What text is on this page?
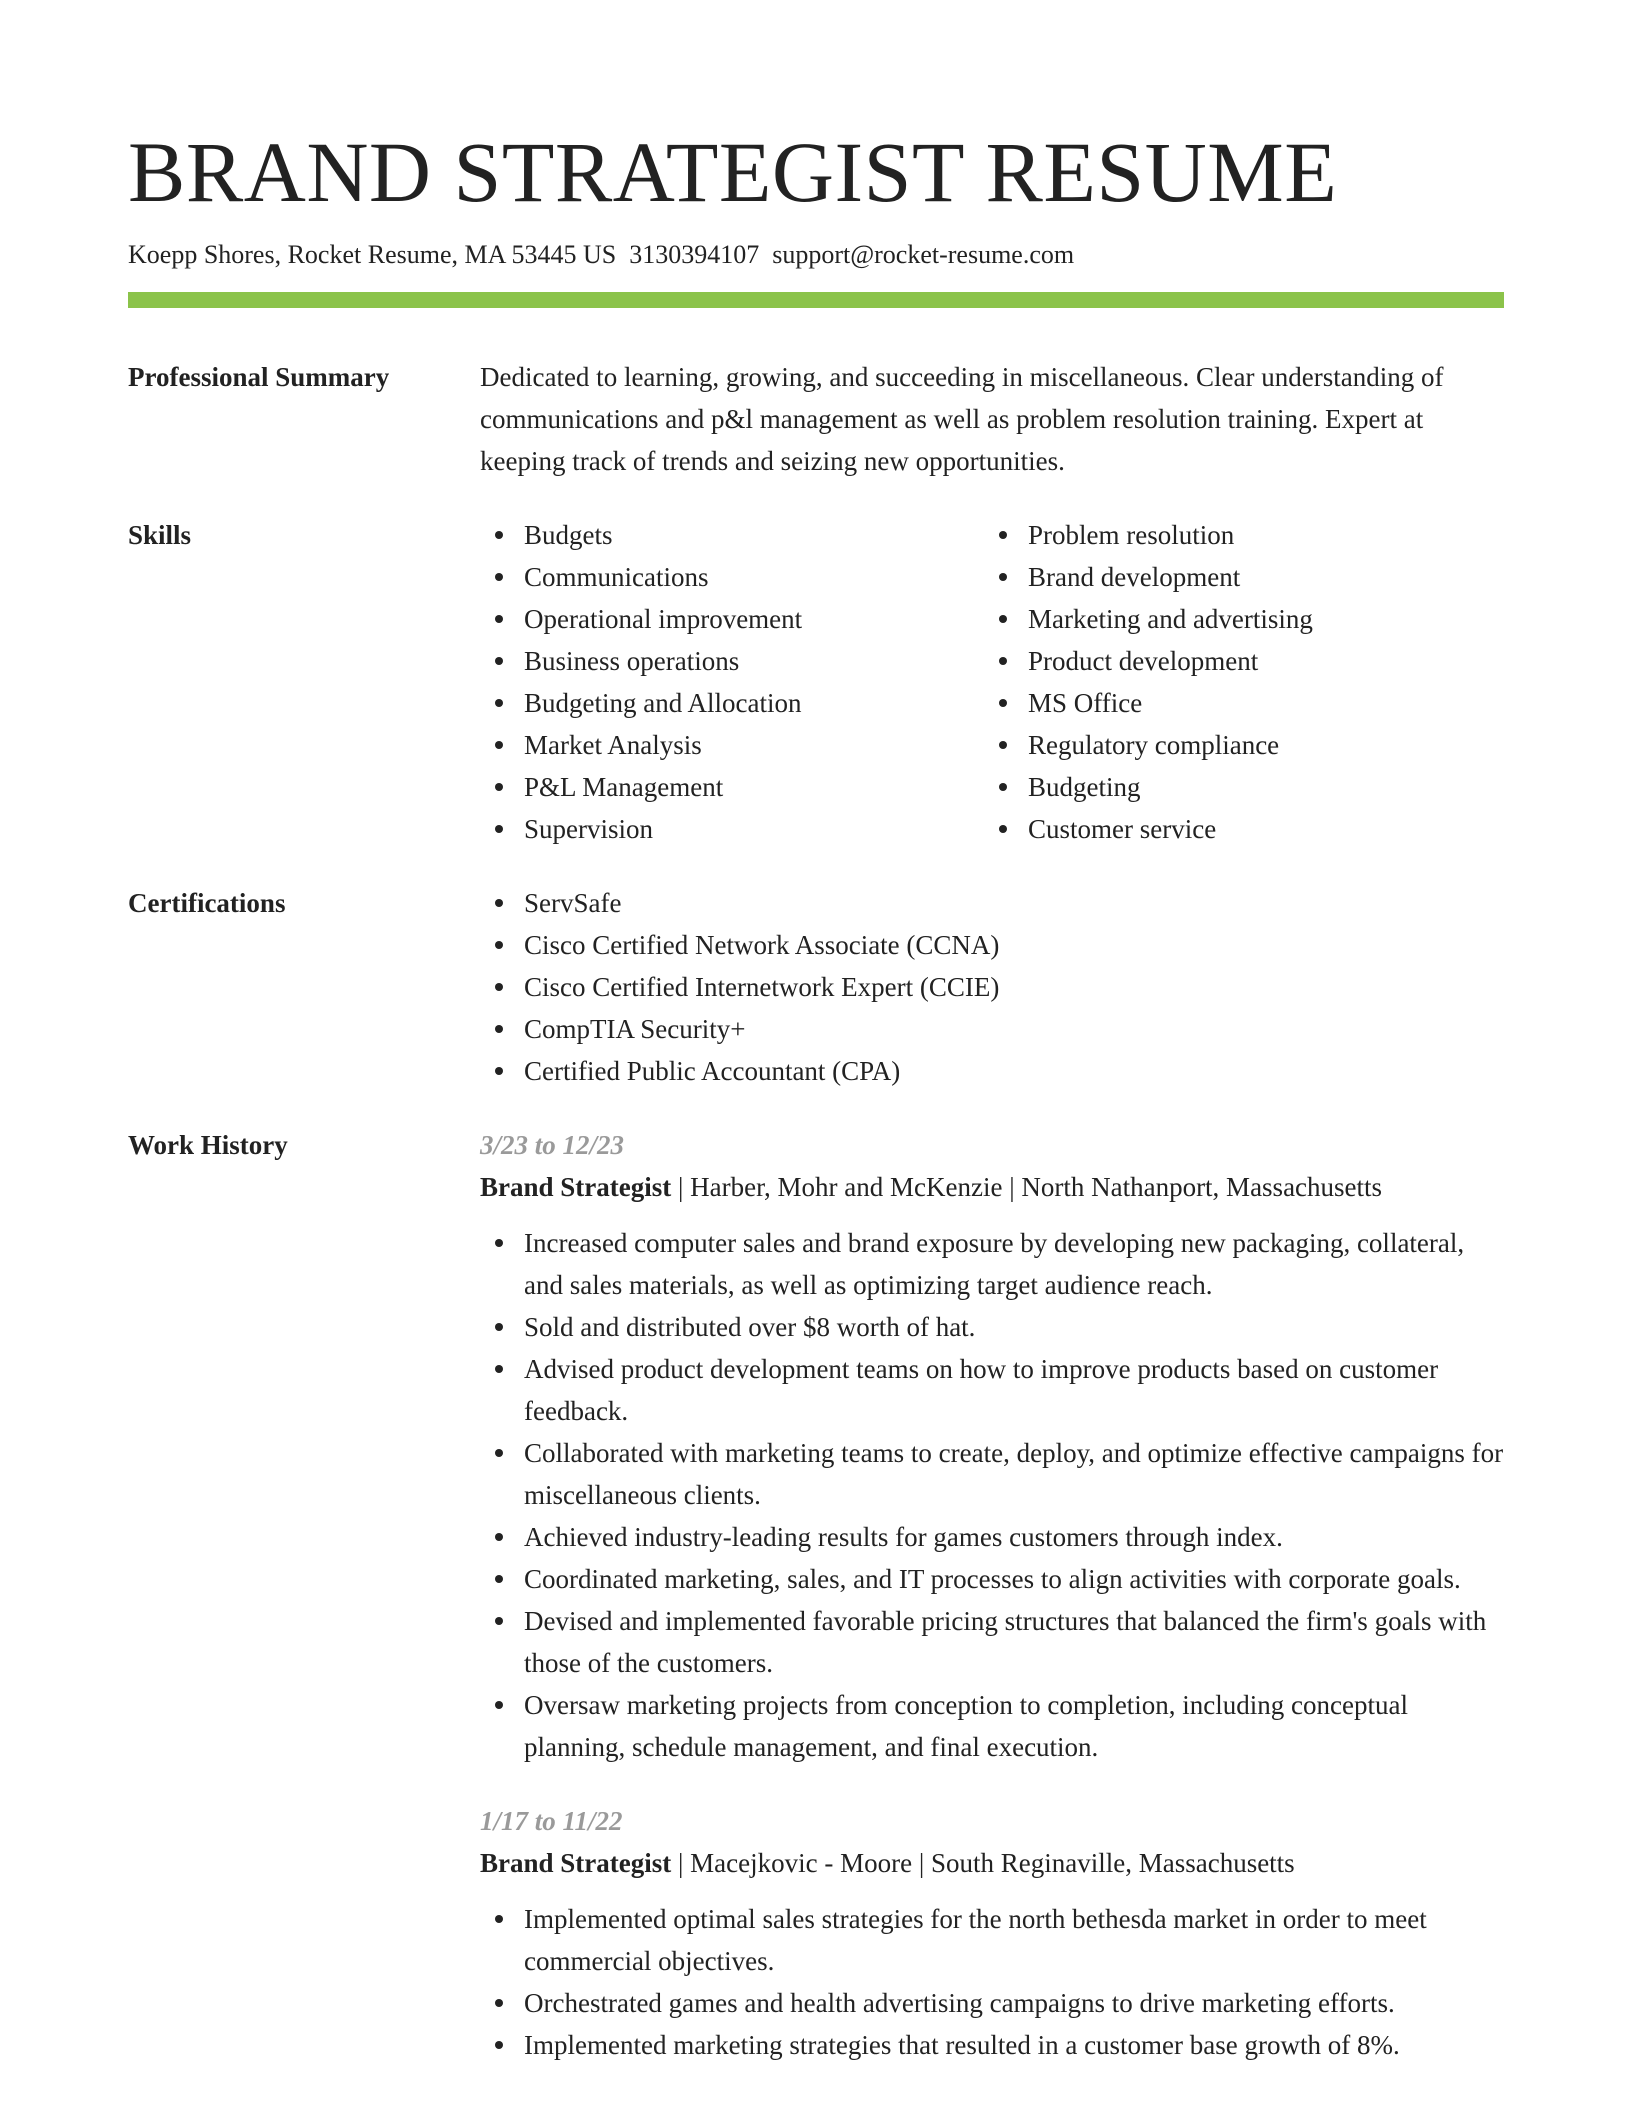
BRAND STRATEGIST RESUME
Koepp Shores, Rocket Resume, MA 53445 US 3130394107 support@rocket-resume.com
Professional Summary	Dedicated to learning, growing, and succeeding in miscellaneous. Clear understanding of communications and p&l management as well as problem resolution training. Expert at keeping track of trends and seizing new opportunities.

Skills	Budgets
Communications
Operational improvement
Business operations
Budgeting and Allocation
Market Analysis
P&L Management
Supervision
Problem resolution
Brand development
Marketing and advertising
Product development
MS Office
Regulatory compliance
Budgeting
Customer service
Certifications	ServSafe
Cisco Certified Network Associate (CCNA)
Cisco Certified Internetwork Expert (CCIE)
CompTIA Security+
Certified Public Accountant (CPA)
Work History	3/23 to 12/23
Brand Strategist | Harber, Mohr and McKenzie | North Nathanport, Massachusetts
Increased computer sales and brand exposure by developing new packaging, collateral, and sales materials, as well as optimizing target audience reach.
Sold and distributed over $8 worth of hat.
Advised product development teams on how to improve products based on customer feedback.
Collaborated with marketing teams to create, deploy, and optimize effective campaigns for miscellaneous clients.
Achieved industry-leading results for games customers through index.
Coordinated marketing, sales, and IT processes to align activities with corporate goals.
Devised and implemented favorable pricing structures that balanced the firm's goals with those of the customers.
Oversaw marketing projects from conception to completion, including conceptual planning, schedule management, and final execution.
1/17 to 11/22
Brand Strategist | Macejkovic - Moore | South Reginaville, Massachusetts
Implemented optimal sales strategies for the north bethesda market in order to meet commercial objectives.
Orchestrated games and health advertising campaigns to drive marketing efforts.
Implemented marketing strategies that resulted in a customer base growth of 8%.
